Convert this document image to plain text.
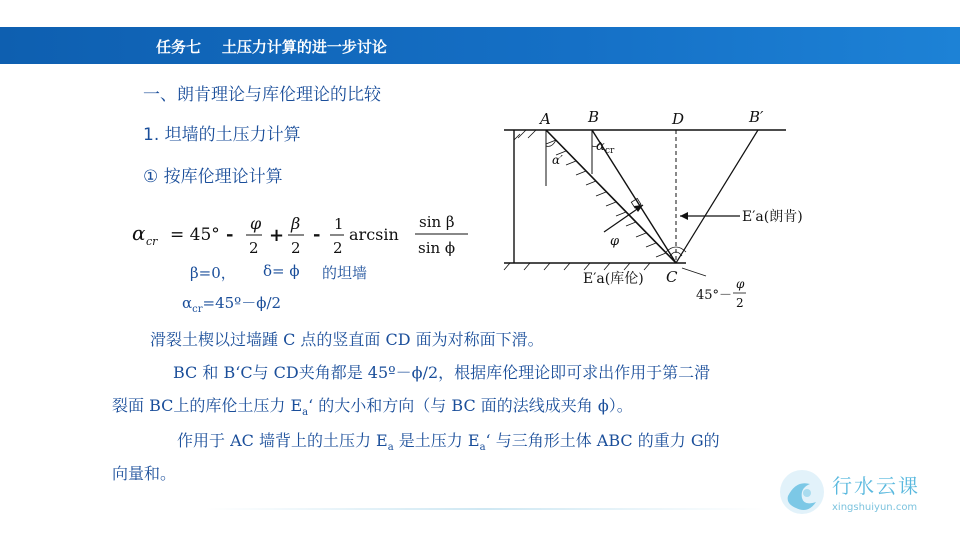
任务七    土压力计算的进一步讨论
一、朗肯理论与库伦理论的比较
1. 坦墙的土压力计算
① 按库伦理论计算
α cr = 45° -
φ
2
+
β
2
- 1
2
arcsin
sin β
sin ϕ
β=0， δ= ϕ 的坦墙
$\alpha_{cr}=45º-\phi/2$
滑裂土楔以过墙踵 C 点的竖直面 CD 面为对称面下滑。
BC 和 B‘C与 CD夹角都是 45º－ϕ/2，根据库伦理论即可求出作用于第二滑
裂面 BC上的库伦土压力 $E_a‘$ 的大小和方向（与 BC 面的法线成夹角 ϕ）。
作用于 AC 墙背上的土压力 $E_a$ 是土压力 $E_a‘$ 与三角形土体 ABC 的重力 G的
向量和。
A B	D	B′
C
α′
α cr
φ
E′a(朗肯)
E′a(库伦)
45°－
φ
2
行水云课
xingshuiyun.com
